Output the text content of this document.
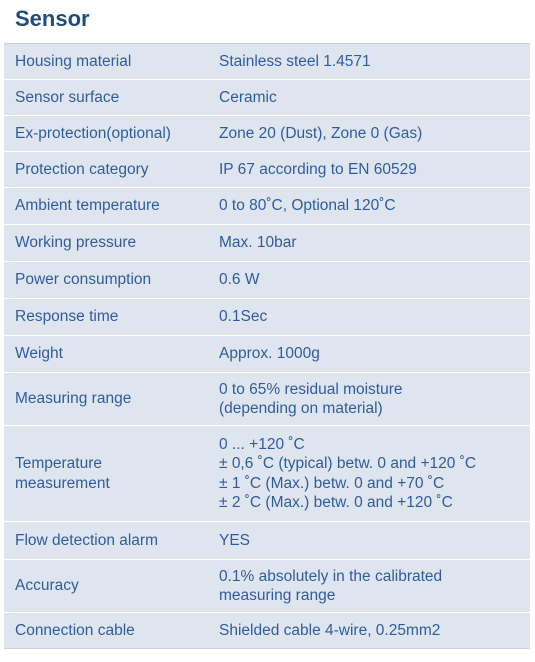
Sensor
Housing material	Stainless steel 1.4571

Sensor surface	Ceramic

Ex-protection(optional)	Zone 20 (Dust), Zone 0 (Gas)

Protection category	IP 67 according to EN 60529

Ambient temperature	0 to 80˚C, Optional 120˚C

Working pressure	Max. 10bar

Power consumption	0.6 W

Response time	0.1Sec

Weight	Approx. 1000g

Measuring range	0 to 65% residual moisture
(depending on material)

Temperature
measurement	0 ... +120 ˚C
± 0,6 ˚C (typical) betw. 0 and +120 ˚C
± 1 ˚C (Max.) betw. 0 and +70 ˚C
± 2 ˚C (Max.) betw. 0 and +120 ˚C

Flow detection alarm	YES

Accuracy	0.1% absolutely in the calibrated
measuring range

Connection cable	Shielded cable 4-wire, 0.25mm2
